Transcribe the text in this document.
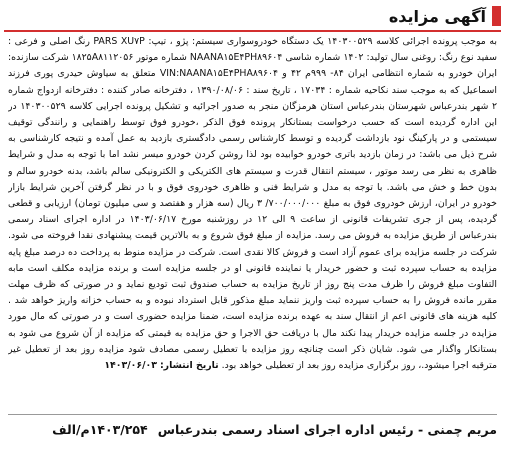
آگهی مزایده

به موجب پرونده اجرائی کلاسه ۱۴۰۳۰۰۵۲۹ یک دستگاه خودروسواری سیستم: پژو ، تیپ: PARS XU۷P رنگ اصلی و فرعی : سفید نوع رنگ: روغنی سال تولید: ۱۴۰۲ شماره شاسی NAANA۱۵E۴PH۸۹۶۰۴ شماره موتور ۱۸۲۵A۸۱۱۲۰۵۶ شرکت سازنده: ایران خودرو به شماره انتظامی ایران ۸۴- ۹۹۹م ۴۲ و VIN:NAANA۱۵E۴PHA۸۹۶۰۴ متعلق به سیاوش حیدری پوری فرزند اسماعیل که به موجب سند نکاحیه شماره : ۱۷۰۳۴ ، تاریخ سند : ۱۳۹۰/۰۸/۰۶ ، دفترخانه صادر کننده : دفترخانه ازدواج شماره ۲ شهر بندرعباس شهرستان بندرعباس استان هرمزگان منجر به صدور اجرائیه و تشکیل پرونده اجرایی کلاسه ۱۴۰۳۰۰۵۲۹ در این اداره گردیده است که حسب درخواست بستانکار پرونده فوق الذکر ،خودرو فوق توسط راهنمایی و رانندگی توقیف سیستمی و در پارکینگ نود بازداشت گردیده و توسط کارشناس رسمی دادگستری بازدید به عمل آمده و نتیجه کارشناسی به شرح ذیل می باشد: در زمان بازدید باتری خودرو خوابیده بود لذا روشن کردن خودرو میسر نشد اما با توجه به مدل و شرایط ظاهری به نظر می رسد موتور ، سیستم انتقال قدرت و سیستم های الکتریکی و الکترونیکی سالم باشد، بدنه خودرو سالم و بدون خط و خش می باشد. با توجه به مدل و شرایط فنی و ظاهری خودروی فوق و با در نظر گرفتن آخرین شرایط بازار خودرو در ایران، ارزش خودروی فوق به مبلغ ۷۰۰/۰۰۰/۰۰۰/ ۳ ریال (سه هزار و هفتصد و سی میلیون تومان) ارزیابی و قطعی گردیده، پس از جری تشریفات قانونی از ساعت ۹ الی ۱۲ در روزشنبه مورخ ۱۴۰۳/۰۶/۱۷ در اداره اجرای اسناد رسمی بندرعباس از طریق مزایده به فروش می رسد. مزایده از مبلغ فوق شروع و به بالاترین قیمت پیشنهادی نقدا فروخته می شود. شرکت در جلسه مزایده برای عموم آزاد است و فروش کالا نقدی است. شرکت در مزایده منوط به پرداخت ده درصد مبلغ پایه مزایده به حساب سپرده ثبت و حضور خریدار یا نماینده قانونی او در جلسه مزایده است و برنده مزایده مکلف است مابه التفاوت مبلغ فروش را ظرف مدت پنج روز از تاریخ مزایده به حساب صندوق ثبت تودیع نماید و در صورتی که ظرف مهلت مقرر مانده فروش را به حساب سپرده ثبت واریز ننماید مبلغ مذکور قابل استرداد نبوده و به حساب خزانه واریز خواهد شد . کلیه هزینه های قانونی اعم از انتقال سند به عهده برنده مزایده است، ضمنا مزایده حضوری است و در صورتی که مال مورد مزایده در جلسه مزایده خریدار پیدا نکند مال با دریافت حق الاجرا و حق مزایده به قیمتی که مزایده از آن شروع می شود به بستانکار واگذار می شود. شایان ذکر است چنانچه روز مزایده با تعطیل رسمی مصادف شود مزایده روز بعد از تعطیل غیر مترقبه اجرا میشود.، روز برگزاری مزایده روز بعد از تعطیلی خواهد بود. تاریخ انتشار: ۱۴۰۳/۰۶/۰۳

مریم چمنی - رئیس اداره اجرای اسناد رسمی بندرعباس
۱۴۰۳/۲۵۴م/الف
